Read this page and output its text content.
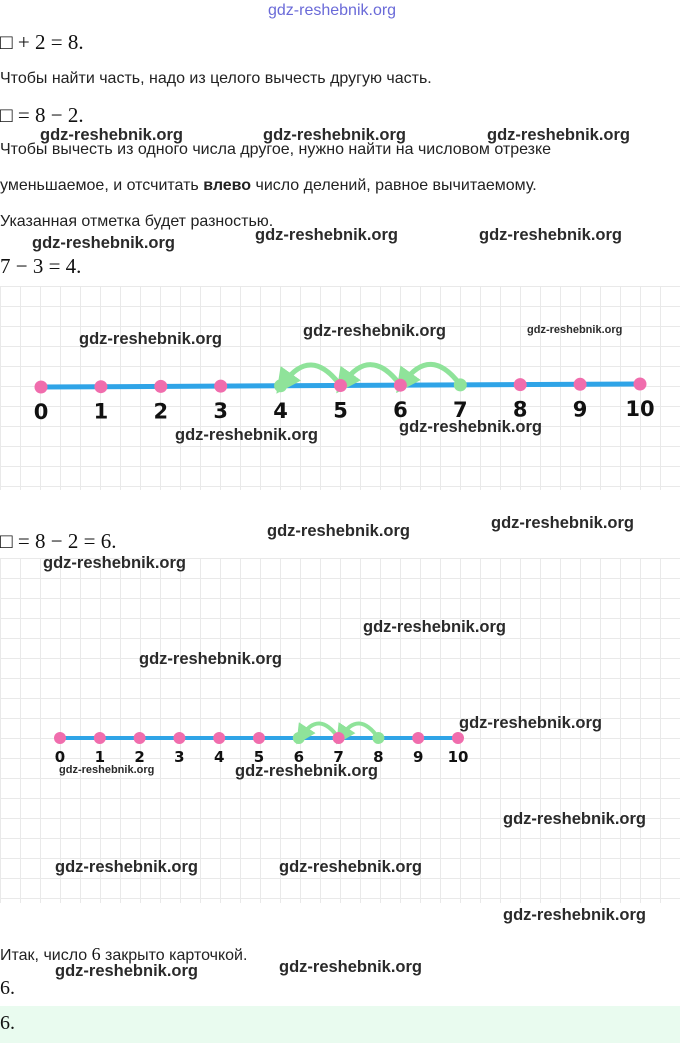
gdz-reshebnik.org
□ + 2 = 8.
Чтобы найти часть, надо из целого вычесть другую часть.
□ = 8 − 2.
Чтобы вычесть из одного числа другое, нужно найти на числовом отрезке
уменьшаемое, и отсчитать влево число делений, равное вычитаемому.
Указанная отметка будет разностью.
7 − 3 = 4.
0 1 2 3 4 5 6 7 8 9 10
□ = 8 − 2 = 6.
0 1 2 3 4 5 6 7 8 9 10
Итак, число 6 закрыто карточкой.
6.
6.
gdz-reshebnik.org	gdz-reshebnik.org	gdz-reshebnik.org
gdz-reshebnik.org	gdz-reshebnik.org	gdz-reshebnik.org
gdz-reshebnik.org	gdz-reshebnik.org	gdz-reshebnik.org
gdz-reshebnik.org	gdz-reshebnik.org
gdz-reshebnik.org	gdz-reshebnik.org
gdz-reshebnik.org
gdz-reshebnik.org
gdz-reshebnik.org
gdz-reshebnik.org
gdz-reshebnik.org	gdz-reshebnik.org
gdz-reshebnik.org
gdz-reshebnik.org	gdz-reshebnik.org
gdz-reshebnik.org
gdz-reshebnik.org	gdz-reshebnik.org
